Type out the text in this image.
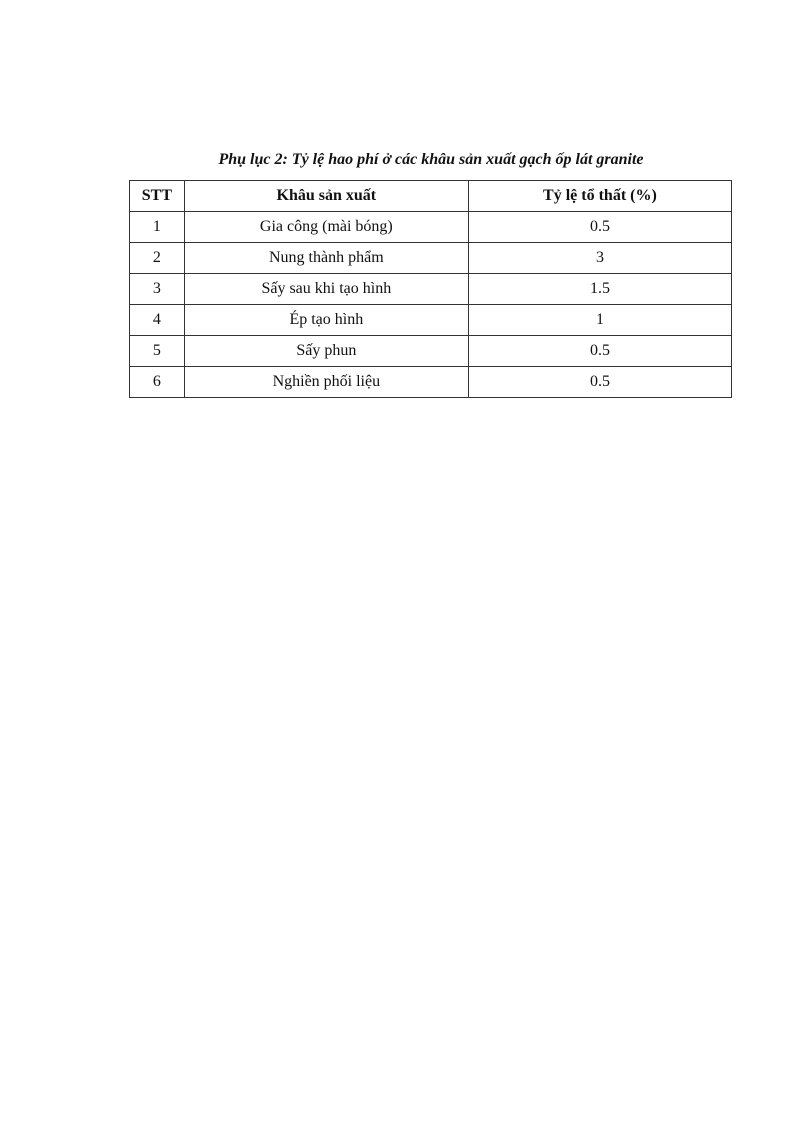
Phụ lục 2: Tỷ lệ hao phí ở các khâu sản xuất gạch ốp lát granite
STT	Khâu sản xuất	Tỷ lệ tổ thất (%)
1	Gia công (mài bóng)	0.5
2	Nung thành phẩm	3
3	Sấy sau khi tạo hình	1.5
4	Ép tạo hình	1
5	Sấy phun	0.5
6	Nghiền phối liệu	0.5
